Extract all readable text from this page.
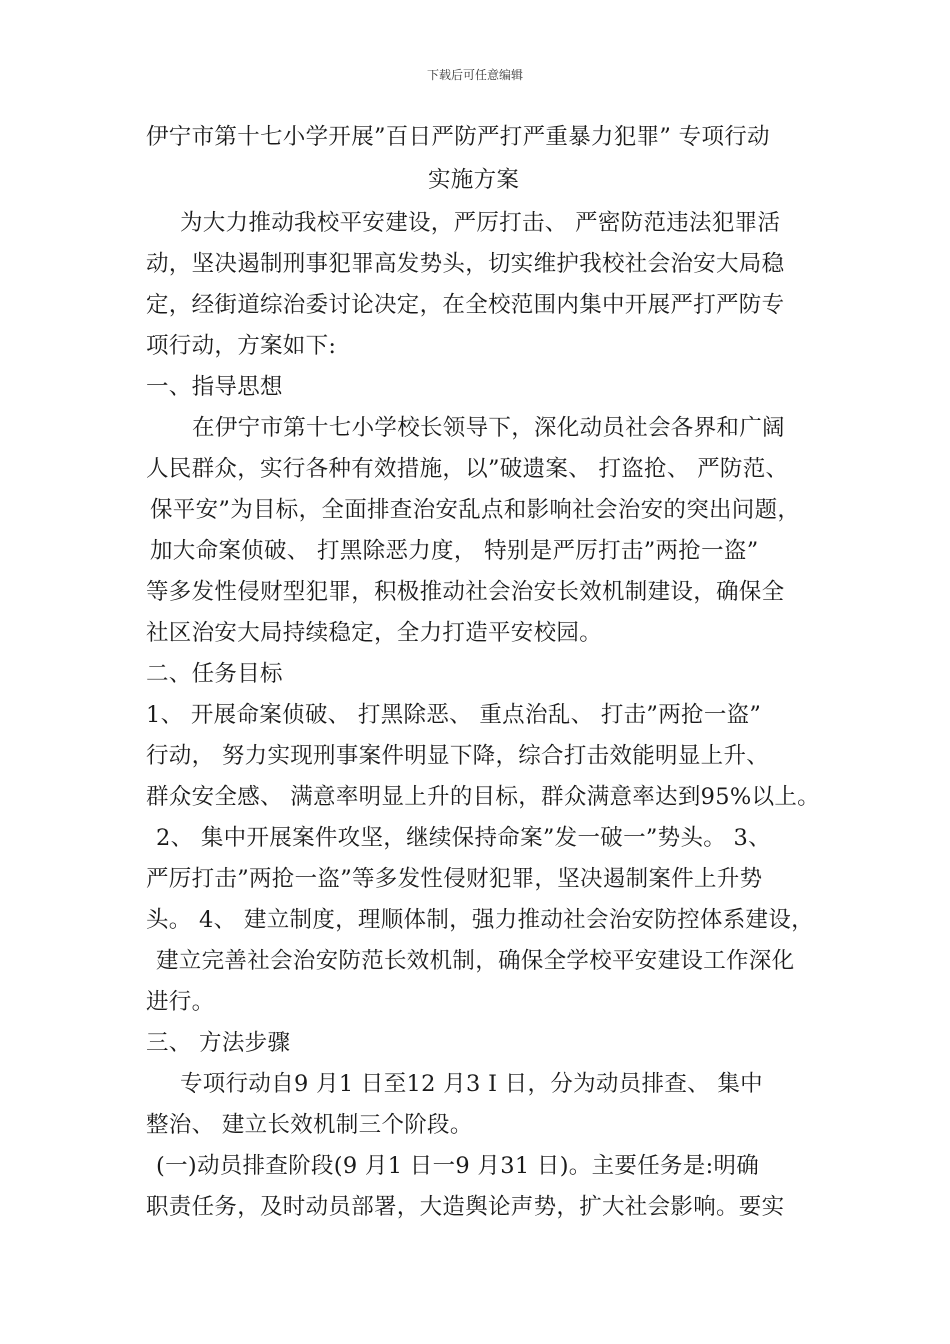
下载后可任意编辑
伊宁市第十七小学开展”百日严防严打严重暴力犯罪” 专项行动
实施方案
为大力推动我校平安建设，严厉打击、 严密防范违法犯罪活
动，坚决遏制刑事犯罪高发势头，切实维护我校社会治安大局稳
定，经街道综治委讨论决定，在全校范围内集中开展严打严防专
项行动，方案如下:
一、指导思想
在伊宁市第十七小学校长领导下，深化动员社会各界和广阔
人民群众，实行各种有效措施，以”破遗案、 打盗抢、 严防范、
保平安”为目标，全面排查治安乱点和影响社会治安的突出问题，
加大命案侦破、 打黑除恶力度， 特别是严厉打击”两抢一盗”
等多发性侵财型犯罪，积极推动社会治安长效机制建设，确保全
社区治安大局持续稳定，全力打造平安校园。
二、任务目标
1、 开展命案侦破、 打黑除恶、 重点治乱、 打击”两抢一盗”
行动， 努力实现刑事案件明显下降，综合打击效能明显上升、
群众安全感、 满意率明显上升的目标，群众满意率达到95%以上。
2、 集中开展案件攻坚，继续保持命案”发一破一”势头。 3、
严厉打击”两抢一盗”等多发性侵财犯罪，坚决遏制案件上升势
头。 4、 建立制度，理顺体制，强力推动社会治安防控体系建设，
建立完善社会治安防范长效机制，确保全学校平安建设工作深化
进行。
三、 方法步骤
专项行动自9 月1 日至12 月3 I 日，分为动员排查、 集中
整治、 建立长效机制三个阶段。
(一)动员排查阶段(9 月1 日一9 月31 日)。主要任务是:明确
职责任务，及时动员部署，大造舆论声势，扩大社会影响。要实
